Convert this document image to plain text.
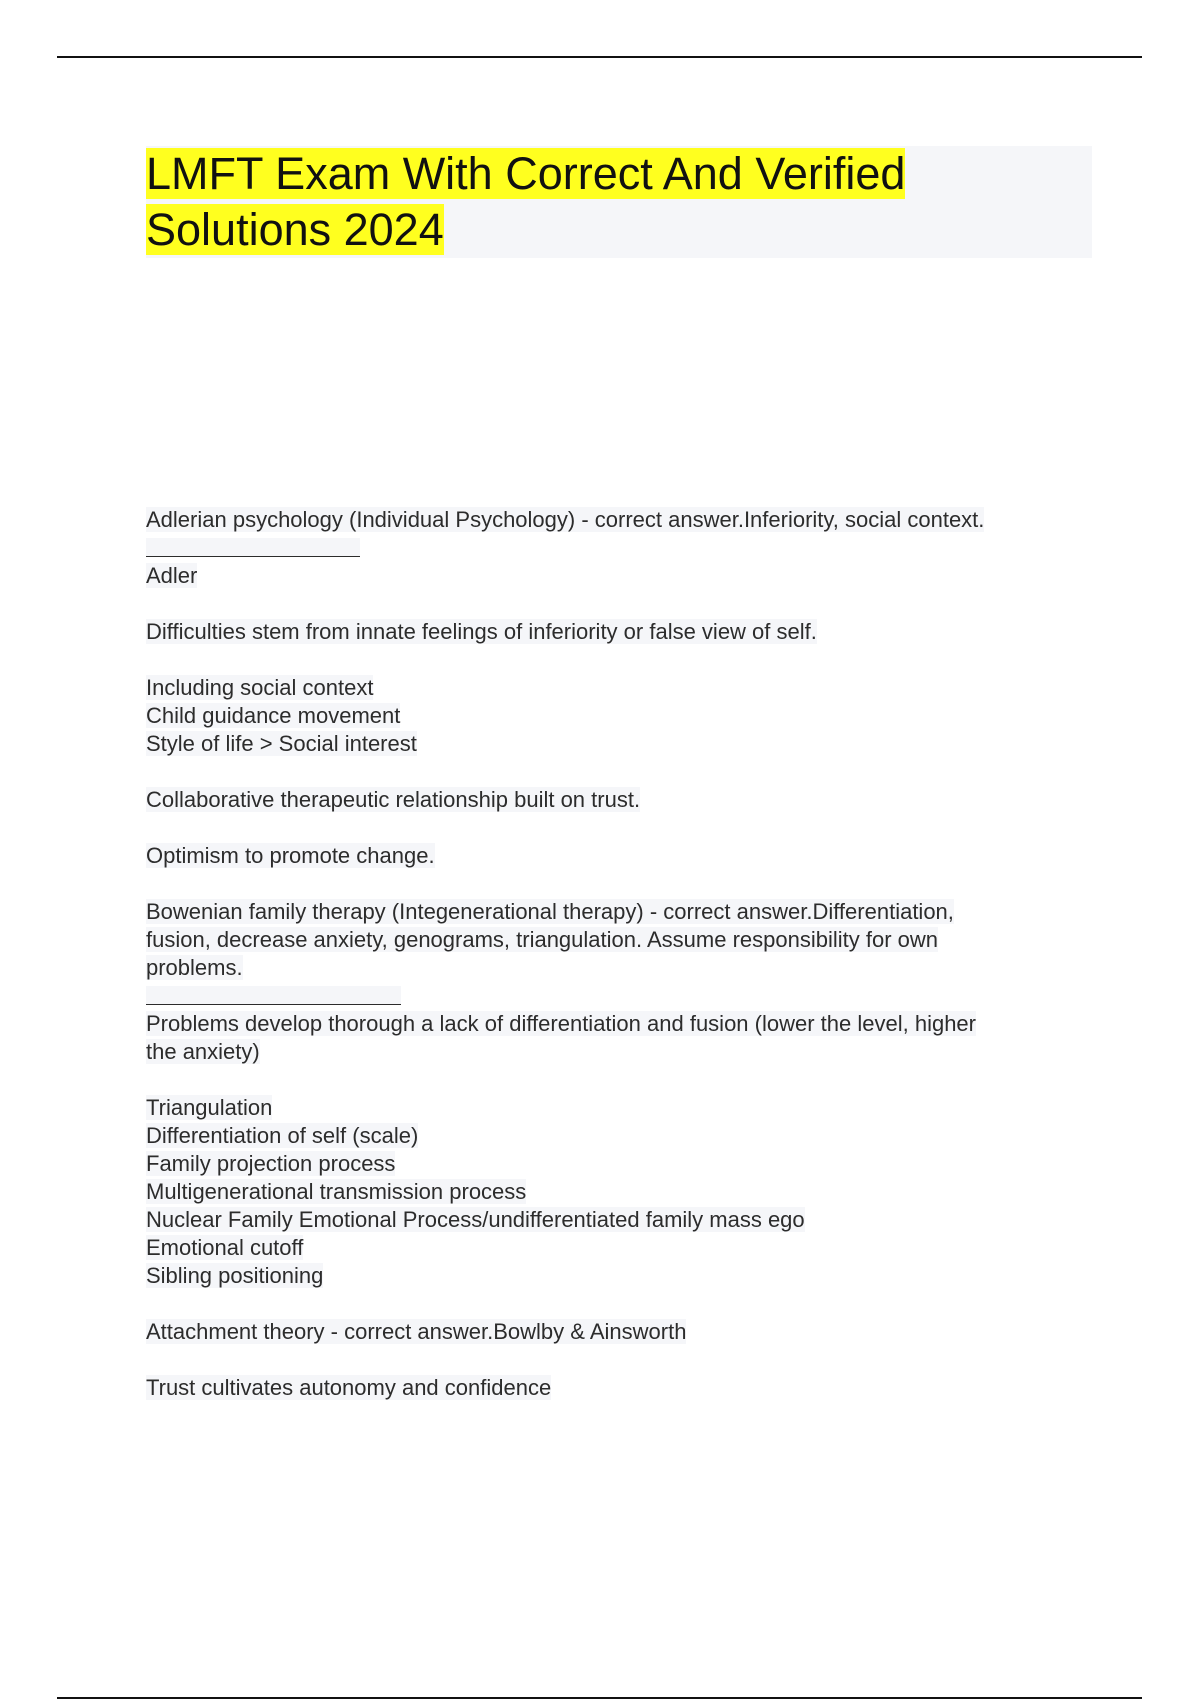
LMFT Exam With Correct And Verified
Solutions 2024
Adlerian psychology (Individual Psychology) - correct answer.Inferiority, social context.
Adler
Difficulties stem from innate feelings of inferiority or false view of self.
Including social context
Child guidance movement
Style of life > Social interest
Collaborative therapeutic relationship built on trust.
Optimism to promote change.
Bowenian family therapy (Integenerational therapy) - correct answer.Differentiation,
fusion, decrease anxiety, genograms, triangulation. Assume responsibility for own
problems.
Problems develop thorough a lack of differentiation and fusion (lower the level, higher
the anxiety)
Triangulation
Differentiation of self (scale)
Family projection process
Multigenerational transmission process
Nuclear Family Emotional Process/undifferentiated family mass ego
Emotional cutoff
Sibling positioning
Attachment theory - correct answer.Bowlby & Ainsworth
Trust cultivates autonomy and confidence
